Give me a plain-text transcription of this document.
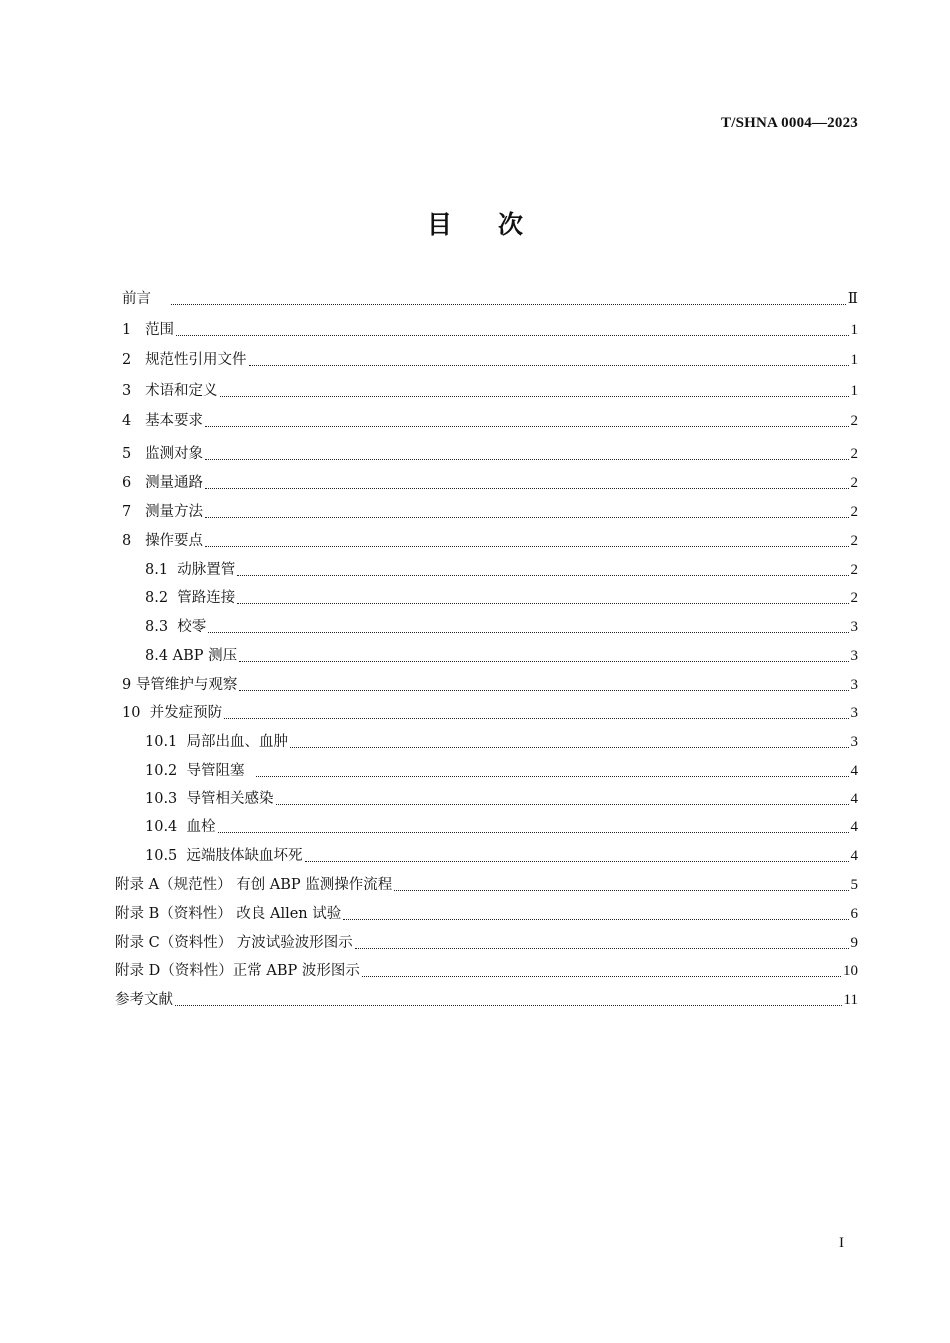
T/SHNA 0004—2023
目次
前言	Ⅱ
1 范围	1
2 规范性引用文件	1
3 术语和定义	1
4 基本要求	2
5 监测对象	2
6 测量通路	2
7 测量方法	2
8 操作要点	2
8.1 动脉置管	2
8.2 管路连接	2
8.3 校零	3
8.4 ABP 测压	3
9 导管维护与观察	3
10 并发症预防	3
10.1 局部出血、血肿	3
10.2 导管阻塞	4
10.3 导管相关感染	4
10.4 血栓	4
10.5 远端肢体缺血坏死	4
附录 A（规范性） 有创 ABP 监测操作流程	5
附录 B（资料性） 改良 Allen 试验	6
附录 C（资料性） 方波试验波形图示	9
附录 D（资料性）正常 ABP 波形图示	10
参考文献	11
I
